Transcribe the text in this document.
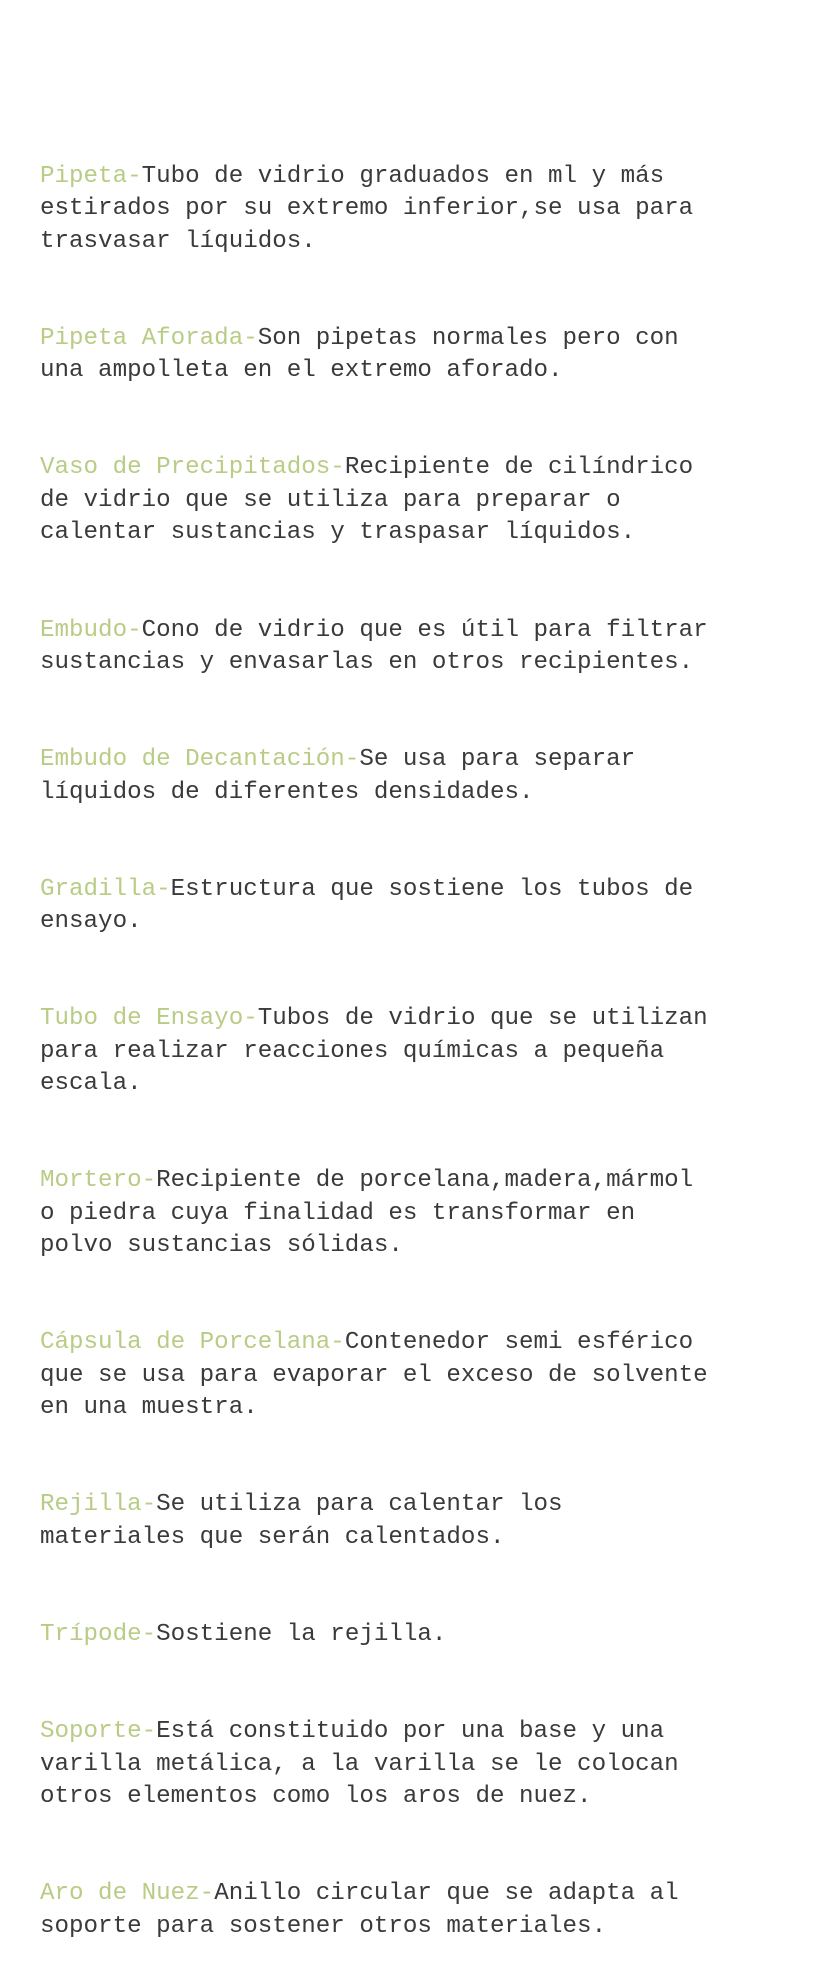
Pipeta-Tubo de vidrio graduados en ml y más estirados por su extremo inferior,se usa para trasvasar líquidos.

Pipeta Aforada-Son pipetas normales pero con una ampolleta en el extremo aforado.

Vaso de Precipitados-Recipiente de cilíndrico de vidrio que se utiliza para preparar o calentar sustancias y traspasar líquidos.

Embudo-Cono de vidrio que es útil para filtrar sustancias y envasarlas en otros recipientes.

Embudo de Decantación-Se usa para separar líquidos de diferentes densidades.

Gradilla-Estructura que sostiene los tubos de ensayo.

Tubo de Ensayo-Tubos de vidrio que se utilizan para realizar reacciones químicas a pequeña escala.

Mortero-Recipiente de porcelana,madera,mármol o piedra cuya finalidad es transformar en polvo sustancias sólidas.

Cápsula de Porcelana-Contenedor semi esférico que se usa para evaporar el exceso de solvente en una muestra.

Rejilla-Se utiliza para calentar los materiales que serán calentados.

Trípode-Sostiene la rejilla.

Soporte-Está constituido por una base y una varilla metálica, a la varilla se le colocan otros elementos como los aros de nuez.

Aro de Nuez-Anillo circular que se adapta al soporte para sostener otros materiales.
